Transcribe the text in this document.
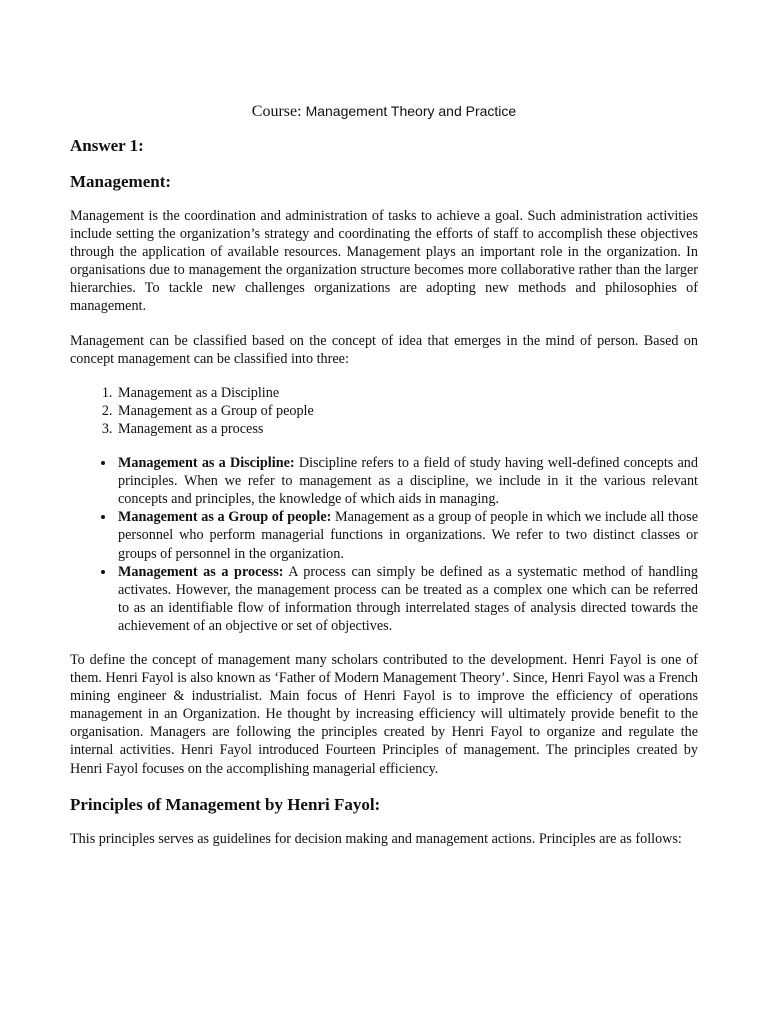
Course: Management Theory and Practice
Answer 1:
Management:

Management is the coordination and administration of tasks to achieve a goal. Such administration activities include setting the organization’s strategy and coordinating the efforts of staff to accomplish these objectives through the application of available resources. Management plays an important role in the organization. In organisations due to management the organization structure becomes more collaborative rather than the larger hierarchies. To tackle new challenges organizations are adopting new methods and philosophies of management.

Management can be classified based on the concept of idea that emerges in the mind of person. Based on concept management can be classified into three:

1. Management as a Discipline
2. Management as a Group of people
3. Management as a process
• Management as a Discipline: Discipline refers to a field of study having well-defined concepts and principles. When we refer to management as a discipline, we include in it the various relevant concepts and principles, the knowledge of which aids in managing.
• Management as a Group of people: Management as a group of people in which we include all those personnel who perform managerial functions in organizations. We refer to two distinct classes or groups of personnel in the organization.
• Management as a process: A process can simply be defined as a systematic method of handling activates. However, the management process can be treated as a complex one which can be referred to as an identifiable flow of information through interrelated stages of analysis directed towards the achievement of an objective or set of objectives.

To define the concept of management many scholars contributed to the development. Henri Fayol is one of them. Henri Fayol is also known as ‘Father of Modern Management Theory’. Since, Henri Fayol was a French mining engineer & industrialist. Main focus of Henri Fayol is to improve the efficiency of operations management in an Organization. He thought by increasing efficiency will ultimately provide benefit to the organisation. Managers are following the principles created by Henri Fayol to organize and regulate the internal activities. Henri Fayol introduced Fourteen Principles of management. The principles created by Henri Fayol focuses on the accomplishing managerial efficiency.

Principles of Management by Henri Fayol:

This principles serves as guidelines for decision making and management actions. Principles are as follows:
